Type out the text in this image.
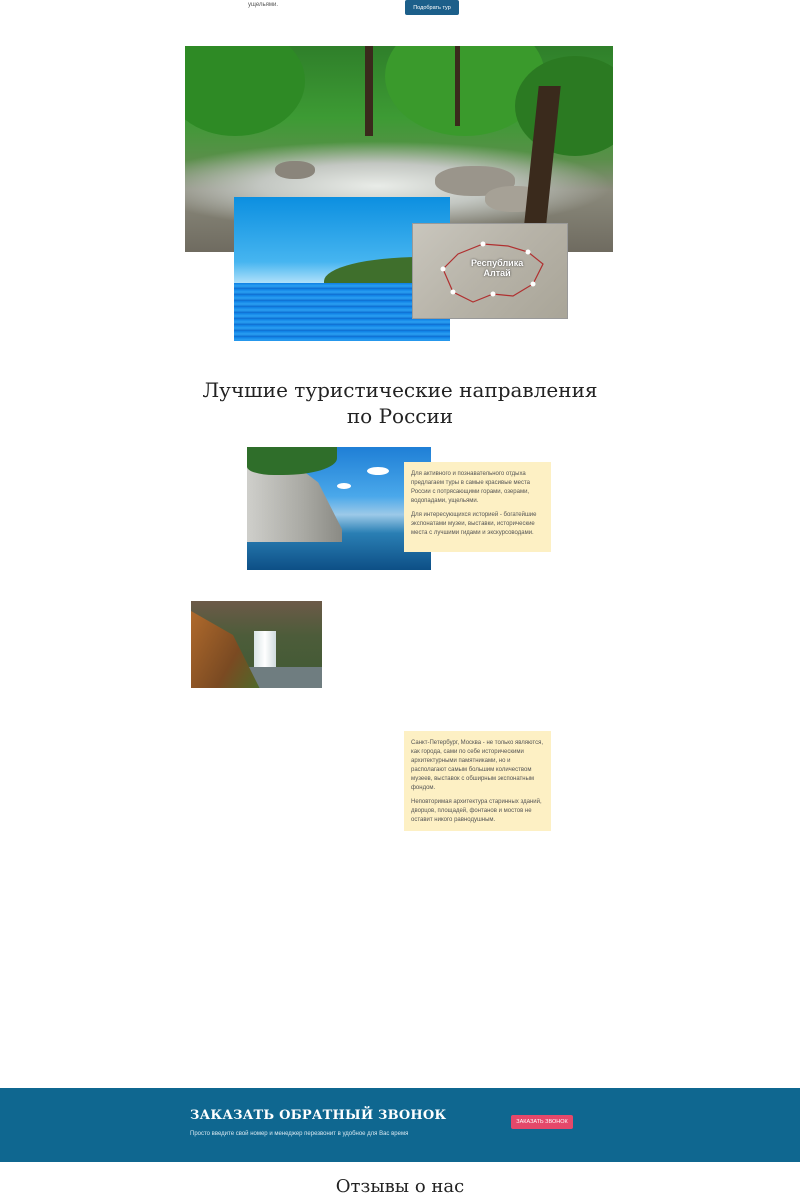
ущельями.	Подобрать тур
Республика
Алтай
Лучшие туристические направления
по России

Для активного и познавательного отдыха предлагаем туры в самые красивые места России с потрясающими горами, озерами, водопадами, ущельями.

Для интересующихся историей - богатейшие экспонатами музеи, выставки, исторические места с лучшими гидами и экскурсоводами.

Санкт-Петербург, Москва - не только являются, как города, сами по себе историческими архитектурными памятниками, но и располагают самым большим количеством музеев, выставок с обширным экспонатным фондом.

Неповторимая архитектура старинных зданий, дворцов, площадей, фонтанов и мостов не оставит никого равнодушным.

ЗАКАЗАТЬ ОБРАТНЫЙ ЗВОНОК
Просто введите свой номер и менеджер перезвонит в удобное для Вас время
ЗАКАЗАТЬ ЗВОНОК
Отзывы о нас
